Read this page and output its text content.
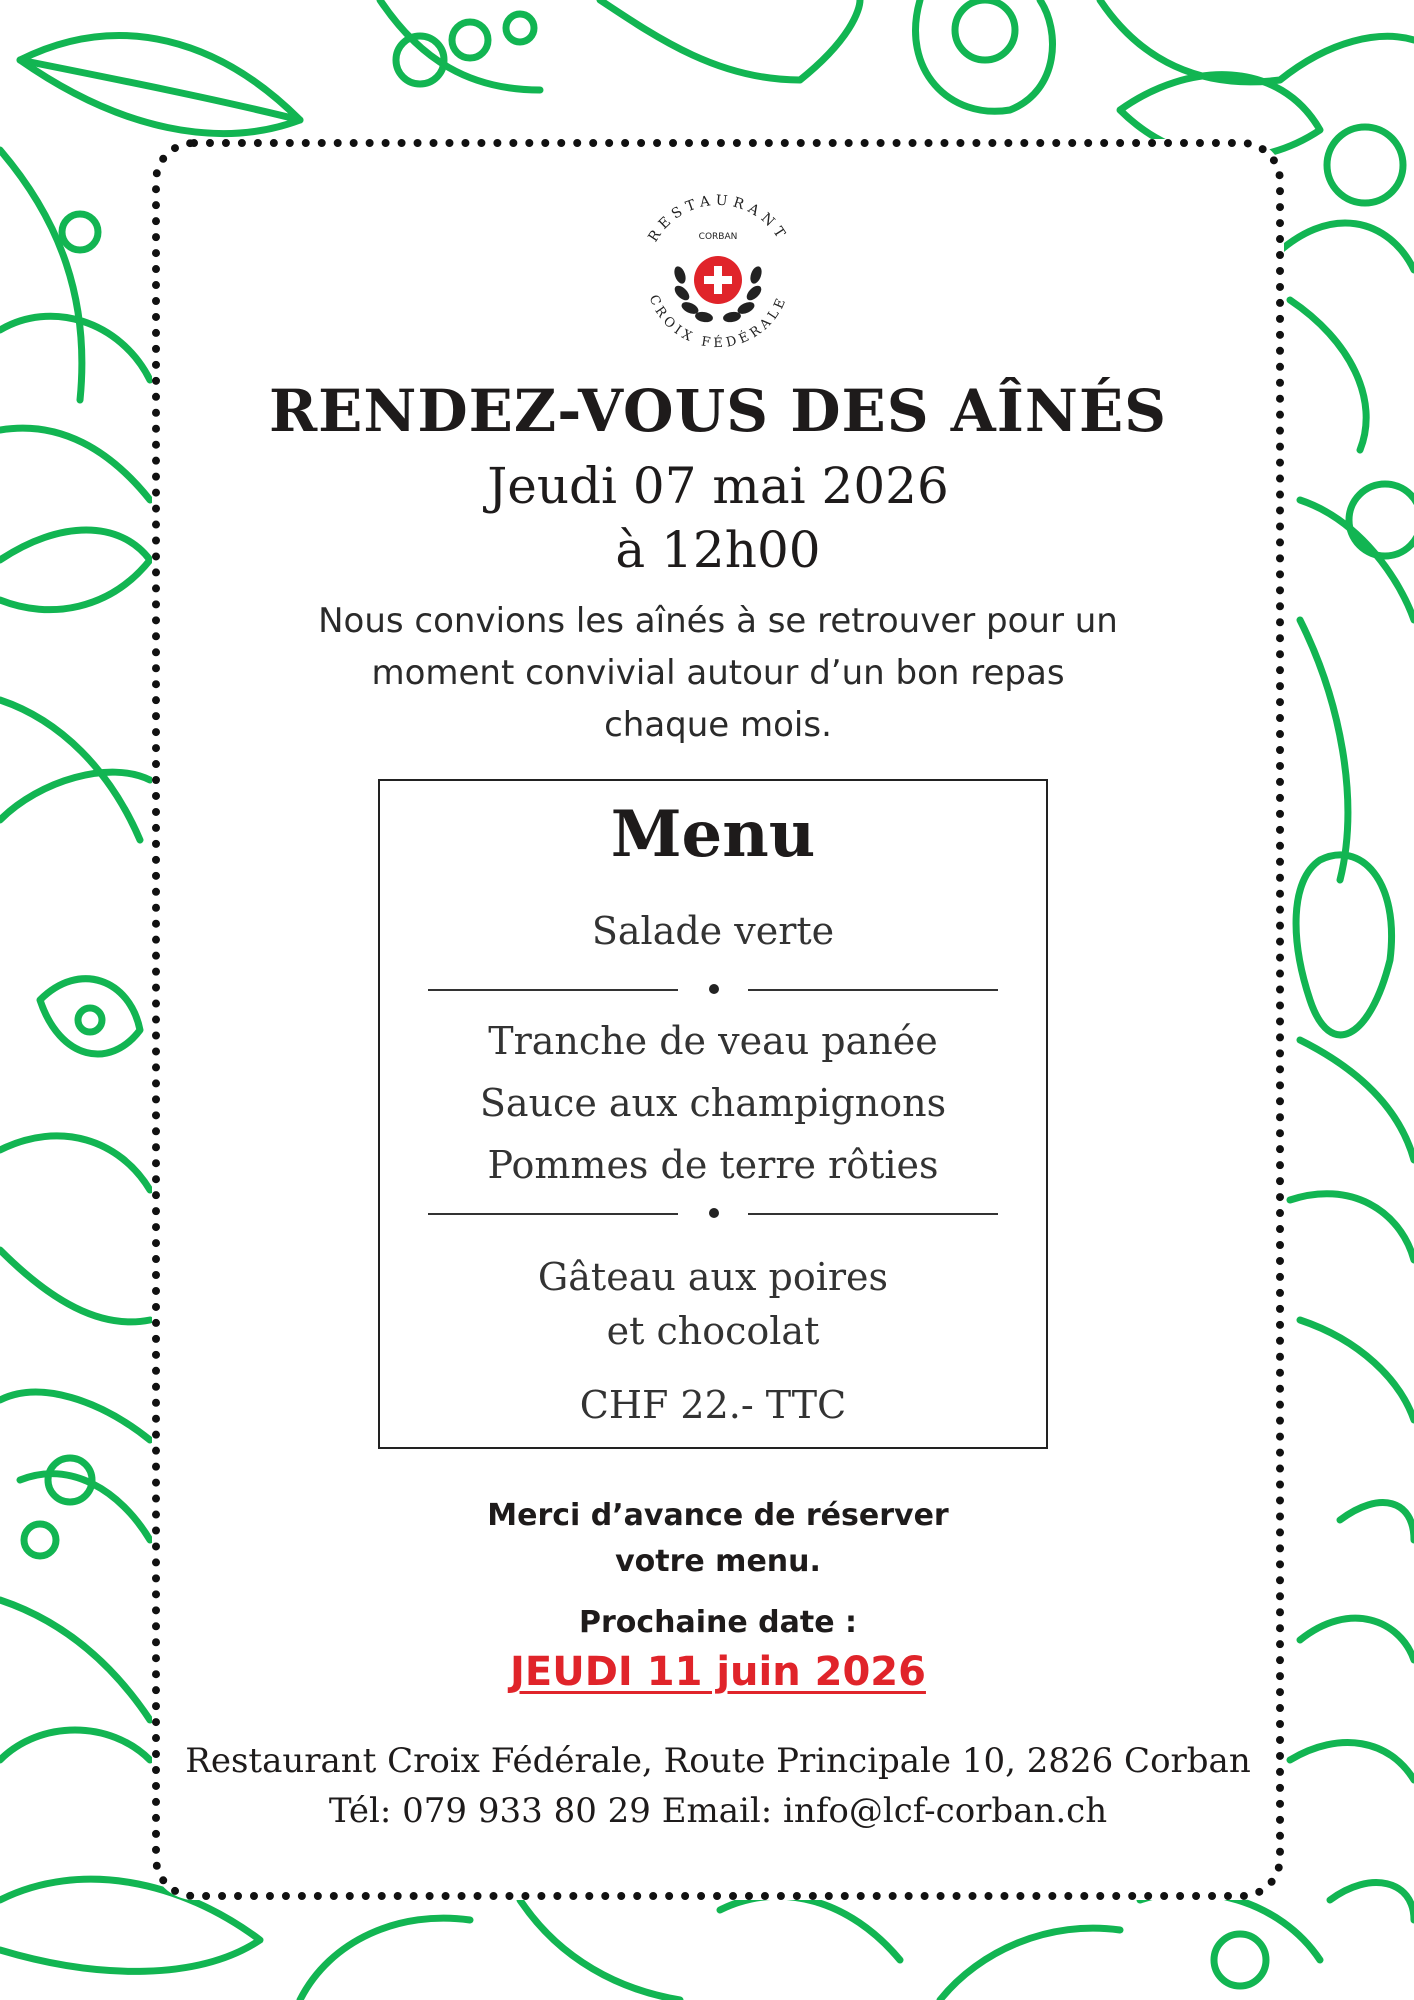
RESTAURANT
CROIX FÉDÉRALE
CORBAN
RENDEZ-VOUS DES AÎNÉS
Jeudi 07 mai 2026
à 12h00
Nous convions les aînés à se retrouver pour un
moment convivial autour d’un bon repas
chaque mois.
Menu
Salade verte
Tranche de veau panée
Sauce aux champignons
Pommes de terre rôties
Gâteau aux poires
et chocolat
CHF 22.- TTC
Merci d’avance de réserver
votre menu.
Prochaine date :
JEUDI 11 juin 2026
Restaurant Croix Fédérale, Route Principale 10, 2826 Corban
Tél: 079 933 80 29 Email: info@lcf-corban.ch
